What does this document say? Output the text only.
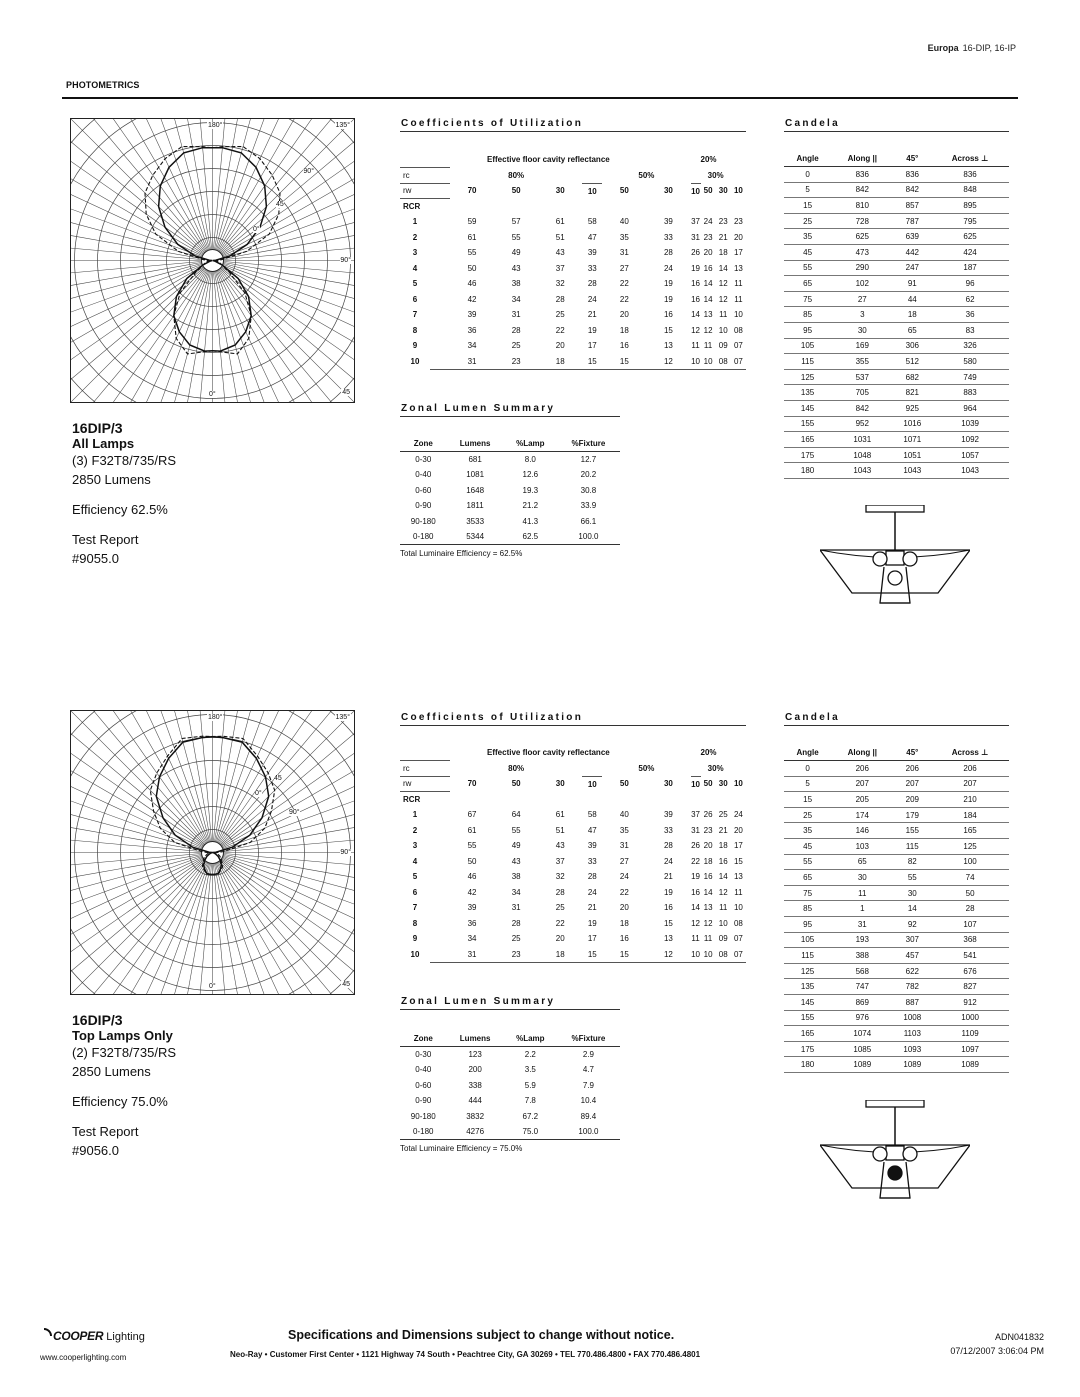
Europa 16-DIP, 16-IP
PHOTOMETRICS
180°	135°
90°
90°
45
0°
0°	45
16DIP/3
All Lamps
(3) F32T8/735/RS
2850 Lumens
Efficiency 62.5%
Test Report
#9055.0
Coefficients of Utilization
		Effective floor cavity reflectance							20%		
rc		80%				50%			30%		
rw		70	50	30	10		50	30	10		50	30	10
RCR											
1		59	57	61	58		40	39	37		24	23	23
2		61	55	51	47		35	33	31		23	21	20
3		55	49	43	39		31	28	26		20	18	17
4		50	43	37	33		27	24	19		16	14	13
5		46	38	32	28		22	19	16		14	12	11
6		42	34	28	24		22	19	16		14	12	11
7		39	31	25	21		20	16	14		13	11	10
8		36	28	22	19		18	15	12		12	10	08
9		34	25	20	17		16	13	11		11	09	07
10		31	23	18	15		15	12	10		10	08	07
Zonal Lumen Summary
Zone	Lumens	%Lamp	%Fixture
0-30	681	8.0	12.7
0-40	1081	12.6	20.2
0-60	1648	19.3	30.8
0-90	1811	21.2	33.9
90-180	3533	41.3	66.1
0-180	5344	62.5	100.0
Total Luminaire Efficiency = 62.5%
Candela
Angle	Along ||	45°	Across ⊥
0	836	836	836
5	842	842	848
15	810	857	895
25	728	787	795
35	625	639	625
45	473	442	424
55	290	247	187
65	102	91	96
75	27	44	62
85	3	18	36
95	30	65	83
105	169	306	326
115	355	512	580
125	537	682	749
135	705	821	883
145	842	925	964
155	952	1016	1039
165	1031	1071	1092
175	1048	1051	1057
180	1043	1043	1043
180°	135°
45
0°
90°
90°
0°	45
16DIP/3
Top Lamps Only
(2) F32T8/735/RS
2850 Lumens
Efficiency 75.0%
Test Report
#9056.0
Coefficients of Utilization
		Effective floor cavity reflectance							20%		
rc		80%				50%			30%		
rw		70	50	30	10		50	30	10		50	30	10
RCR											
1		67	64	61	58		40	39	37		26	25	24
2		61	55	51	47		35	33	31		23	21	20
3		55	49	43	39		31	28	26		20	18	17
4		50	43	37	33		27	24	22		18	16	15
5		46	38	32	28		24	21	19		16	14	13
6		42	34	28	24		22	19	16		14	12	11
7		39	31	25	21		20	16	14		13	11	10
8		36	28	22	19		18	15	12		12	10	08
9		34	25	20	17		16	13	11		11	09	07
10		31	23	18	15		15	12	10		10	08	07
Zonal Lumen Summary
Zone	Lumens	%Lamp	%Fixture
0-30	123	2.2	2.9
0-40	200	3.5	4.7
0-60	338	5.9	7.9
0-90	444	7.8	10.4
90-180	3832	67.2	89.4
0-180	4276	75.0	100.0
Total Luminaire Efficiency = 75.0%
Candela
Angle	Along ||	45°	Across ⊥
0	206	206	206
5	207	207	207
15	205	209	210
25	174	179	184
35	146	155	165
45	103	115	125
55	65	82	100
65	30	55	74
75	11	30	50
85	1	14	28
95	31	92	107
105	193	307	368
115	388	457	541
125	568	622	676
135	747	782	827
145	869	887	912
155	976	1008	1000
165	1074	1103	1109
175	1085	1093	1097
180	1089	1089	1089
COOPER Lighting
www.cooperlighting.com
Specifications and Dimensions subject to change without notice.
Neo-Ray • Customer First Center • 1121 Highway 74 South • Peachtree City, GA 30269 • TEL 770.486.4800 • FAX 770.486.4801
ADN041832
07/12/2007 3:06:04 PM
